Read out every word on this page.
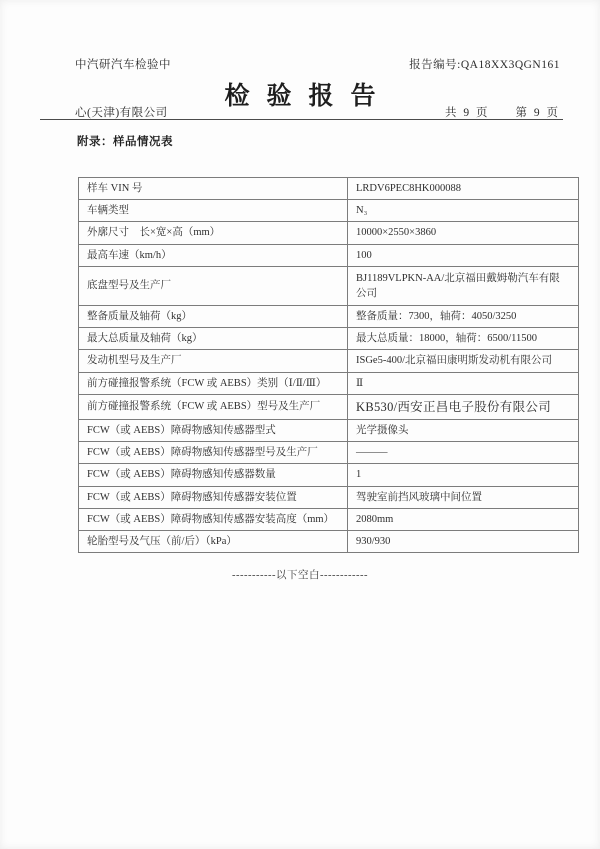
中汽研汽车检验中	报告编号:QA18XX3QGN161
检验报告
心(天津)有限公司	共 9 页 第 9 页
附录：样品情况表
样车 VIN 号	LRDV6PEC8HK000088
车辆类型	N₃
外廓尺寸　长×宽×高（mm）	10000×2550×3860
最高车速（km/h）	100
底盘型号及生产厂	BJ1189VLPKN-AA/北京福田戴姆勒汽车有限公司
整备质量及轴荷（kg）	整备质量：7300，轴荷：4050/3250
最大总质量及轴荷（kg）	最大总质量：18000，轴荷：6500/11500
发动机型号及生产厂	ISGe5-400/北京福田康明斯发动机有限公司
前方碰撞报警系统（FCW 或 AEBS）类别（Ⅰ/Ⅱ/Ⅲ）	Ⅱ
前方碰撞报警系统（FCW 或 AEBS）型号及生产厂	KB530/西安正昌电子股份有限公司
FCW（或 AEBS）障碍物感知传感器型式	光学摄像头
FCW（或 AEBS）障碍物感知传感器型号及生产厂	———
FCW（或 AEBS）障碍物感知传感器数量	1
FCW（或 AEBS）障碍物感知传感器安装位置	驾驶室前挡风玻璃中间位置
FCW（或 AEBS）障碍物感知传感器安装高度（mm）	2080mm
轮胎型号及气压（前/后）（kPa）	930/930
-----------以下空白------------
